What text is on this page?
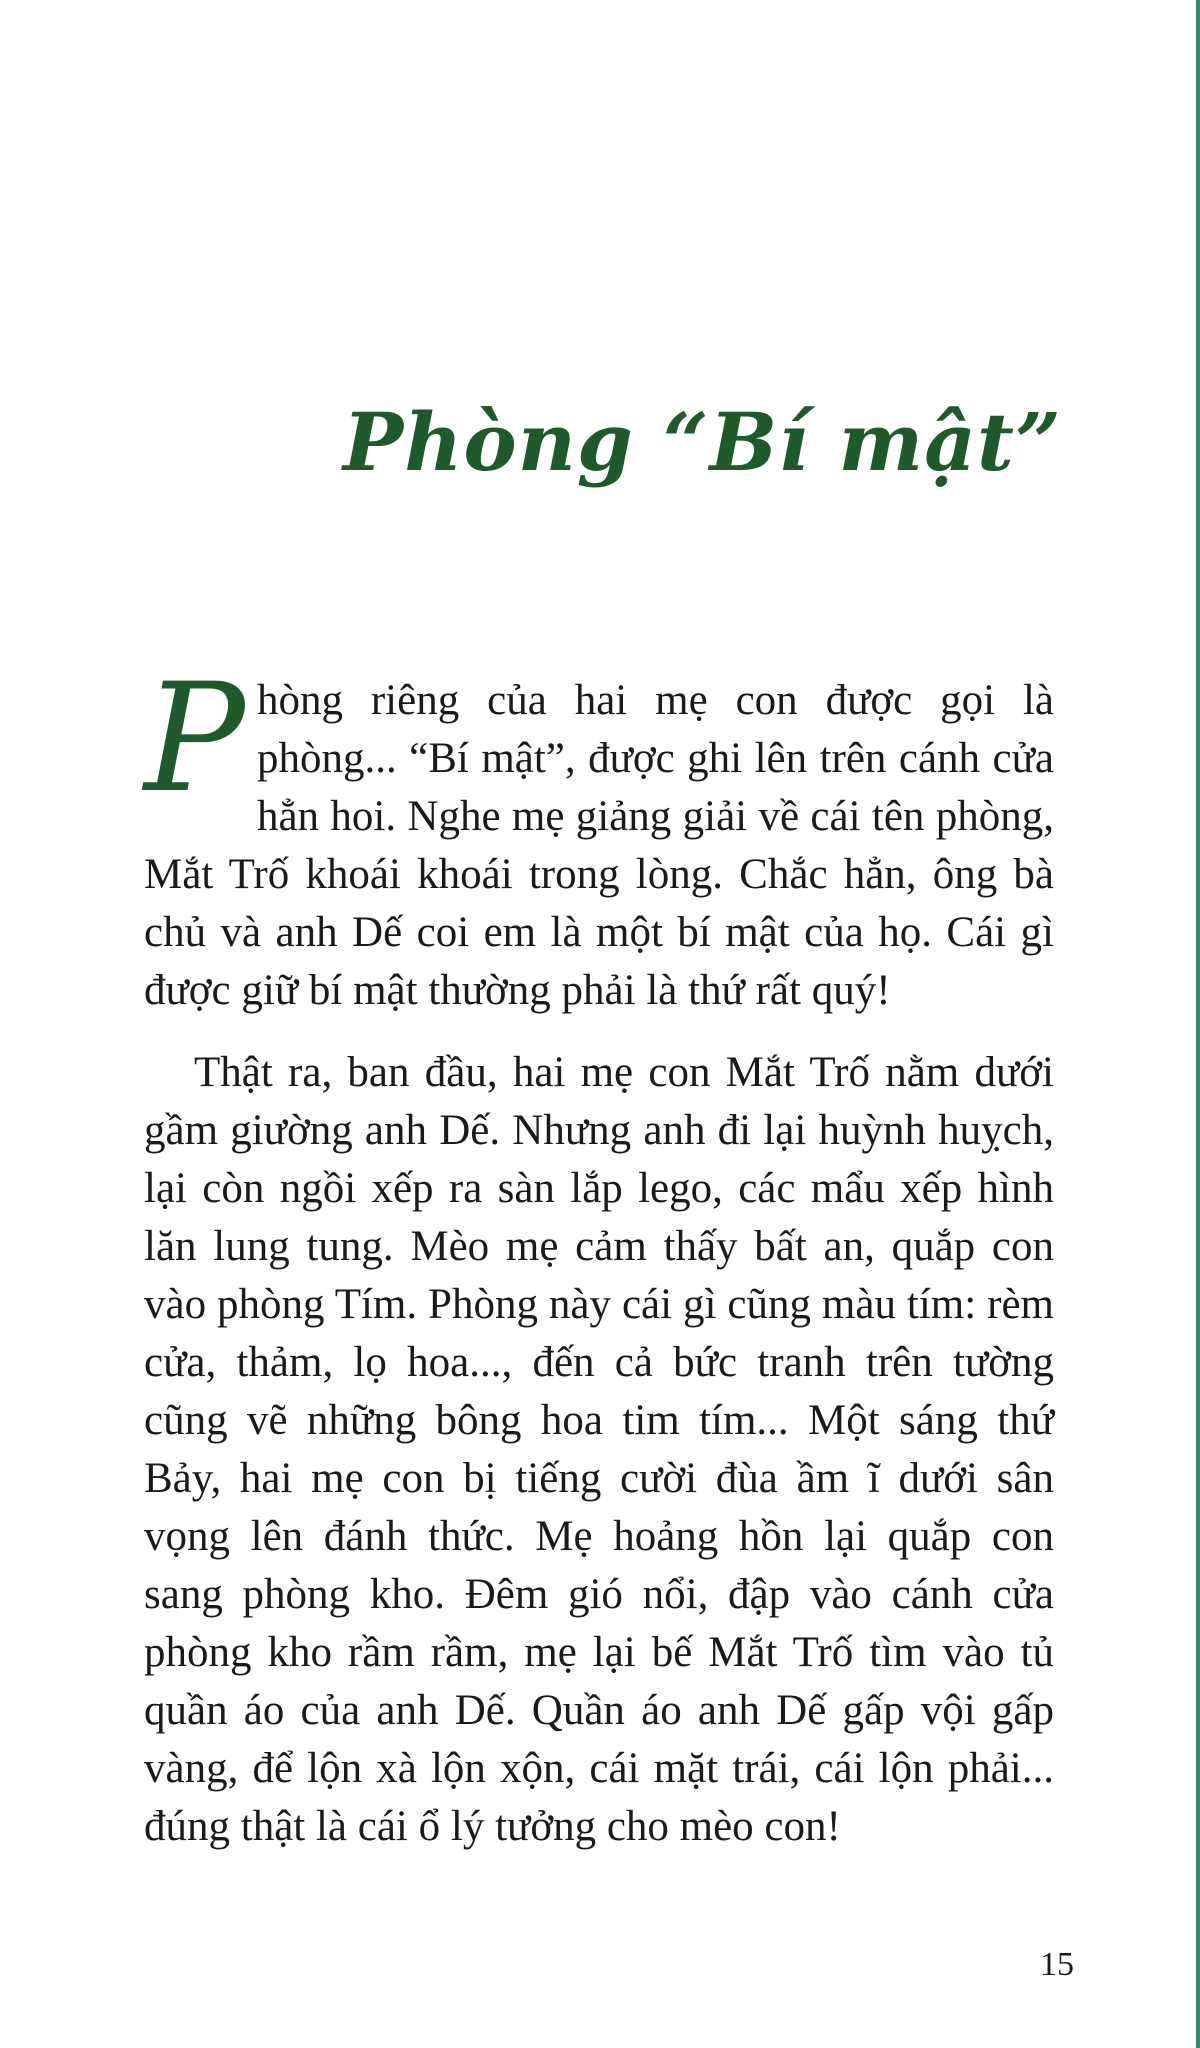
Phòng “Bí mật”

Phòng riêng của hai mẹ con được gọi là phòng... “Bí mật”, được ghi lên trên cánh cửa hẳn hoi. Nghe mẹ giảng giải về cái tên phòng, Mắt Trố khoái khoái trong lòng. Chắc hẳn, ông bà chủ và anh Dế coi em là một bí mật của họ. Cái gì được giữ bí mật thường phải là thứ rất quý!

Thật ra, ban đầu, hai mẹ con Mắt Trố nằm dưới gầm giường anh Dế. Nhưng anh đi lại huỳnh huỵch, lại còn ngồi xếp ra sàn lắp lego, các mẩu xếp hình lăn lung tung. Mèo mẹ cảm thấy bất an, quắp con vào phòng Tím. Phòng này cái gì cũng màu tím: rèm cửa, thảm, lọ hoa..., đến cả bức tranh trên tường cũng vẽ những bông hoa tim tím... Một sáng thứ Bảy, hai mẹ con bị tiếng cười đùa ầm ĩ dưới sân vọng lên đánh thức. Mẹ hoảng hồn lại quắp con sang phòng kho. Đêm gió nổi, đập vào cánh cửa phòng kho rầm rầm, mẹ lại bế Mắt Trố tìm vào tủ quần áo của anh Dế. Quần áo anh Dế gấp vội gấp vàng, để lộn xà lộn xộn, cái mặt trái, cái lộn phải... đúng thật là cái ổ lý tưởng cho mèo con!

15
